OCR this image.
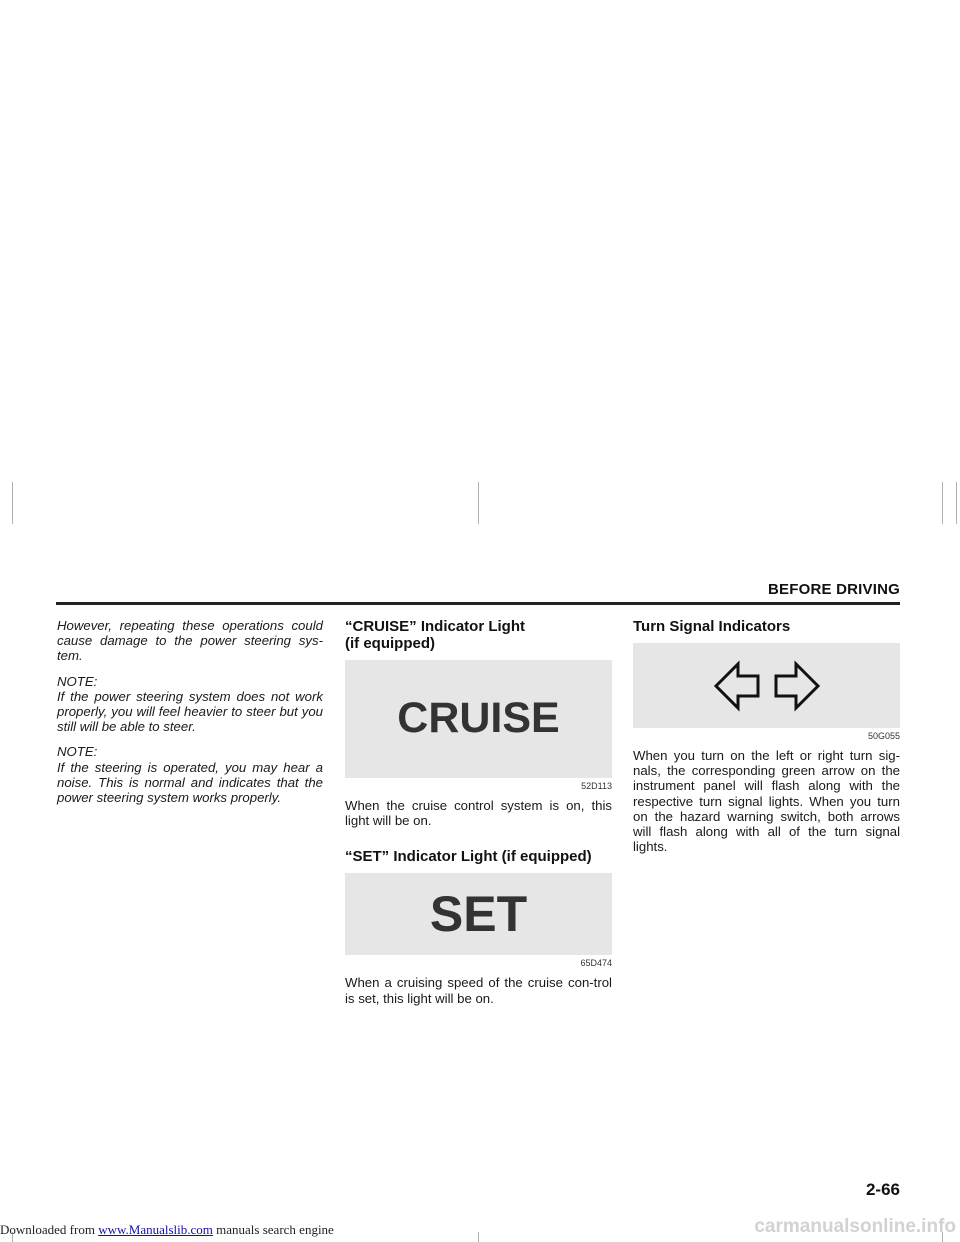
BEFORE DRIVING

However, repeating these operations could cause damage to the power steering sys-tem.

NOTE:
If the power steering system does not work properly, you will feel heavier to steer but you still will be able to steer.

NOTE:
If the steering is operated, you may hear a noise. This is normal and indicates that the power steering system works properly.

“CRUISE” Indicator Light
(if equipped)
CRUISE
52D113

When the cruise control system is on, this light will be on.

“SET” Indicator Light (if equipped)
SET
65D474

When a cruising speed of the cruise con-trol is set, this light will be on.

Turn Signal Indicators
50G055

When you turn on the left or right turn sig-nals, the corresponding green arrow on the instrument panel will flash along with the respective turn signal lights. When you turn on the hazard warning switch, both arrows will flash along with all of the turn signal lights.

2-66
Downloaded from www.Manualslib.com manuals search engine	carmanualsonline.info
